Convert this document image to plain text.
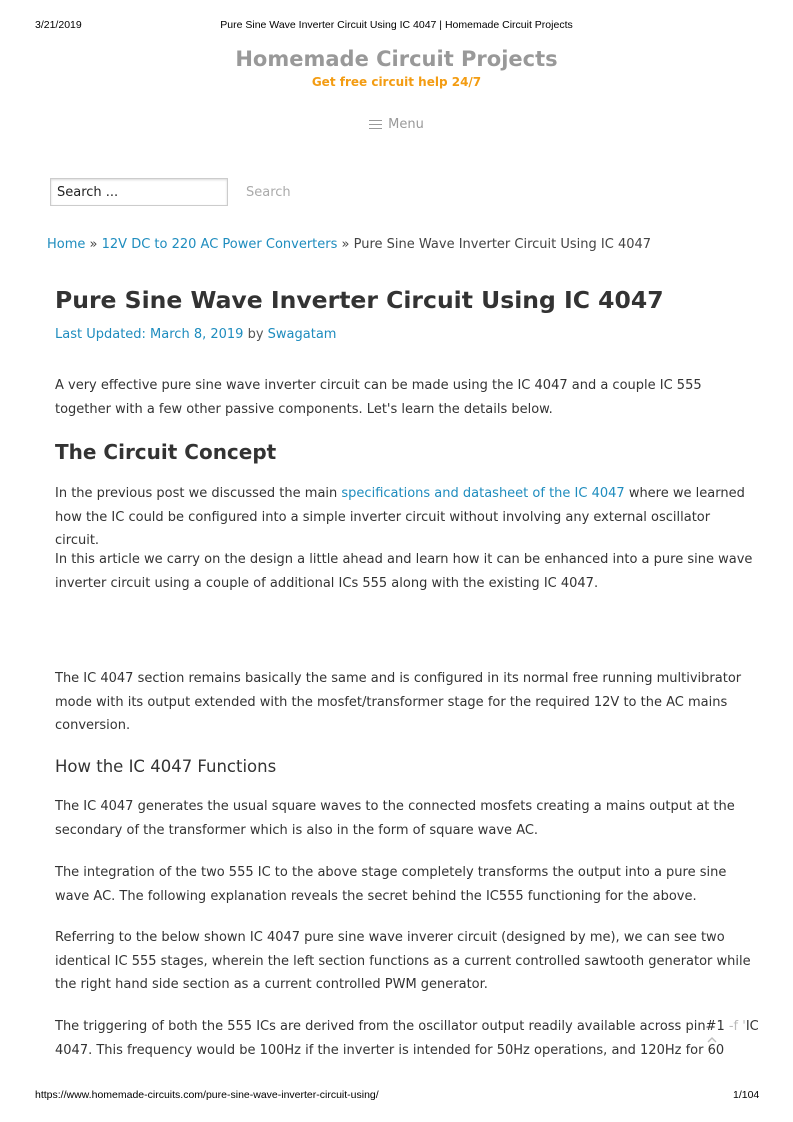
3/21/2019	Pure Sine Wave Inverter Circuit Using IC 4047 | Homemade Circuit Projects
Homemade Circuit Projects
Get free circuit help 24/7
Menu
Search ...
Search
Home » 12V DC to 220 AC Power Converters » Pure Sine Wave Inverter Circuit Using IC 4047
Pure Sine Wave Inverter Circuit Using IC 4047
Last Updated: March 8, 2019 by Swagatam
A very effective pure sine wave inverter circuit can be made using the IC 4047 and a couple IC 555 together with a few other passive components. Let's learn the details below.
The Circuit Concept
In the previous post we discussed the main specifications and datasheet of the IC 4047 where we learned how the IC could be configured into a simple inverter circuit without involving any external oscillator circuit.
In this article we carry on the design a little ahead and learn how it can be enhanced into a pure sine wave inverter circuit using a couple of additional ICs 555 along with the existing IC 4047.
The IC 4047 section remains basically the same and is configured in its normal free running multivibrator mode with its output extended with the mosfet/transformer stage for the required 12V to the AC mains conversion.
How the IC 4047 Functions
The IC 4047 generates the usual square waves to the connected mosfets creating a mains output at the secondary of the transformer which is also in the form of square wave AC.
The integration of the two 555 IC to the above stage completely transforms the output into a pure sine wave AC. The following explanation reveals the secret behind the IC555 functioning for the above.
Referring to the below shown IC 4047 pure sine wave inverer circuit (designed by me), we can see two identical IC 555 stages, wherein the left section functions as a current controlled sawtooth generator while the right hand side section as a current controlled PWM generator.
The triggering of both the 555 ICs are derived from the oscillator output readily available across pin#1 -f 'IC
4047. This frequency would be 100Hz if the inverter is intended for 50Hz operations, and 120Hz for 60
https://www.homemade-circuits.com/pure-sine-wave-inverter-circuit-using/	1/104
